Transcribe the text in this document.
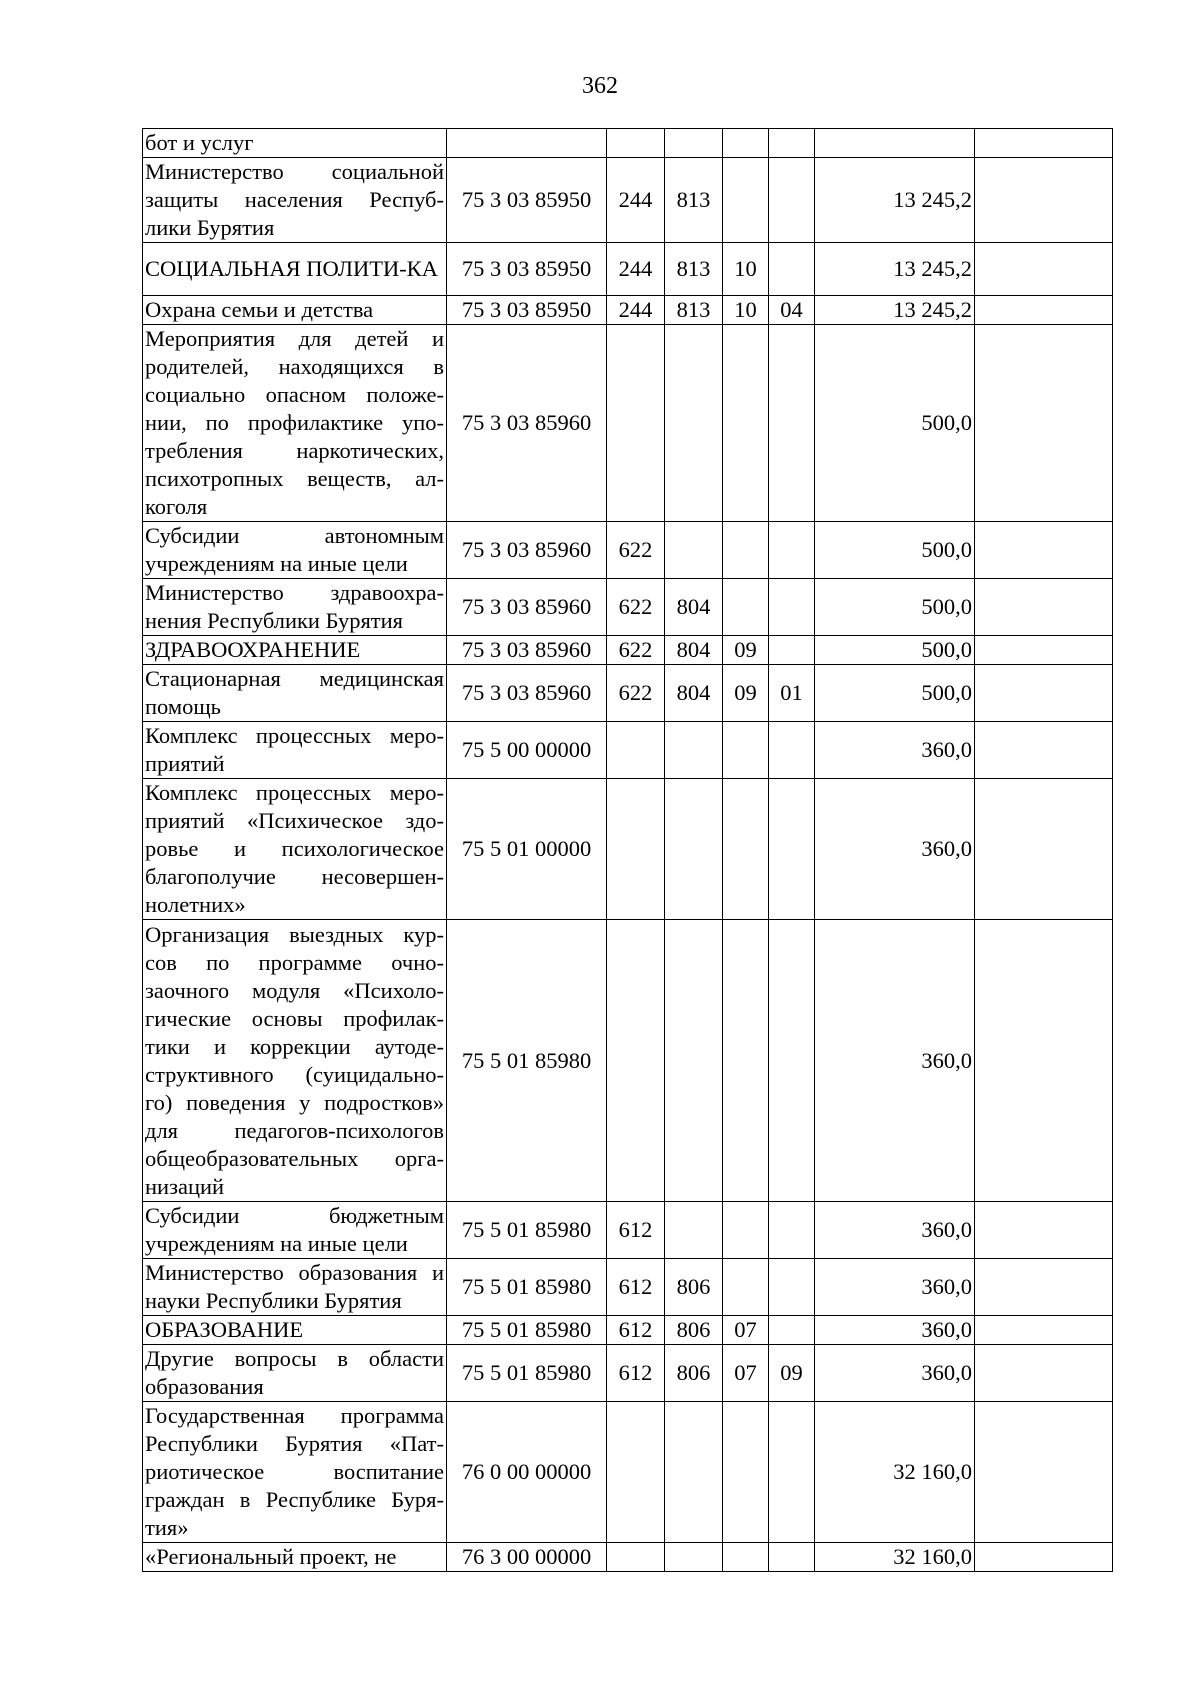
362
бот и услуг							
Министерство социальной защиты населения Респуб-лики Бурятия	75 3 03 85950	244	813			13 245,2	
СОЦИАЛЬНАЯ ПОЛИТИ-КА	75 3 03 85950	244	813	10		13 245,2	
Охрана семьи и детства	75 3 03 85950	244	813	10	04	13 245,2	
Мероприятия для детей и родителей, находящихся в социально опасном положе-нии, по профилактике упо-требления наркотических, психотропных веществ, ал-коголя	75 3 03 85960					500,0	
Субсидии автономным учреждениям на иные цели	75 3 03 85960	622				500,0	
Министерство здравоохра-нения Республики Бурятия	75 3 03 85960	622	804			500,0	
ЗДРАВООХРАНЕНИЕ	75 3 03 85960	622	804	09		500,0	
Стационарная медицинская помощь	75 3 03 85960	622	804	09	01	500,0	
Комплекс процессных меро-приятий	75 5 00 00000					360,0	
Комплекс процессных меро-приятий «Психическое здо-ровье и психологическое благополучие несовершен-нолетних»	75 5 01 00000					360,0	
Организация выездных кур-сов по программе очно-заочного модуля «Психоло-гические основы профилак-тики и коррекции аутоде-структивного (суицидально-го) поведения у подростков» для педагогов-психологов общеобразовательных орга-низаций	75 5 01 85980					360,0	
Субсидии бюджетным учреждениям на иные цели	75 5 01 85980	612				360,0	
Министерство образования и науки Республики Бурятия	75 5 01 85980	612	806			360,0	
ОБРАЗОВАНИЕ	75 5 01 85980	612	806	07		360,0	
Другие вопросы в области образования	75 5 01 85980	612	806	07	09	360,0	
Государственная программа Республики Бурятия «Пат-риотическое воспитание граждан в Республике Буря-тия»	76 0 00 00000					32 160,0	
«Региональный проект, не	76 3 00 00000					32 160,0	
